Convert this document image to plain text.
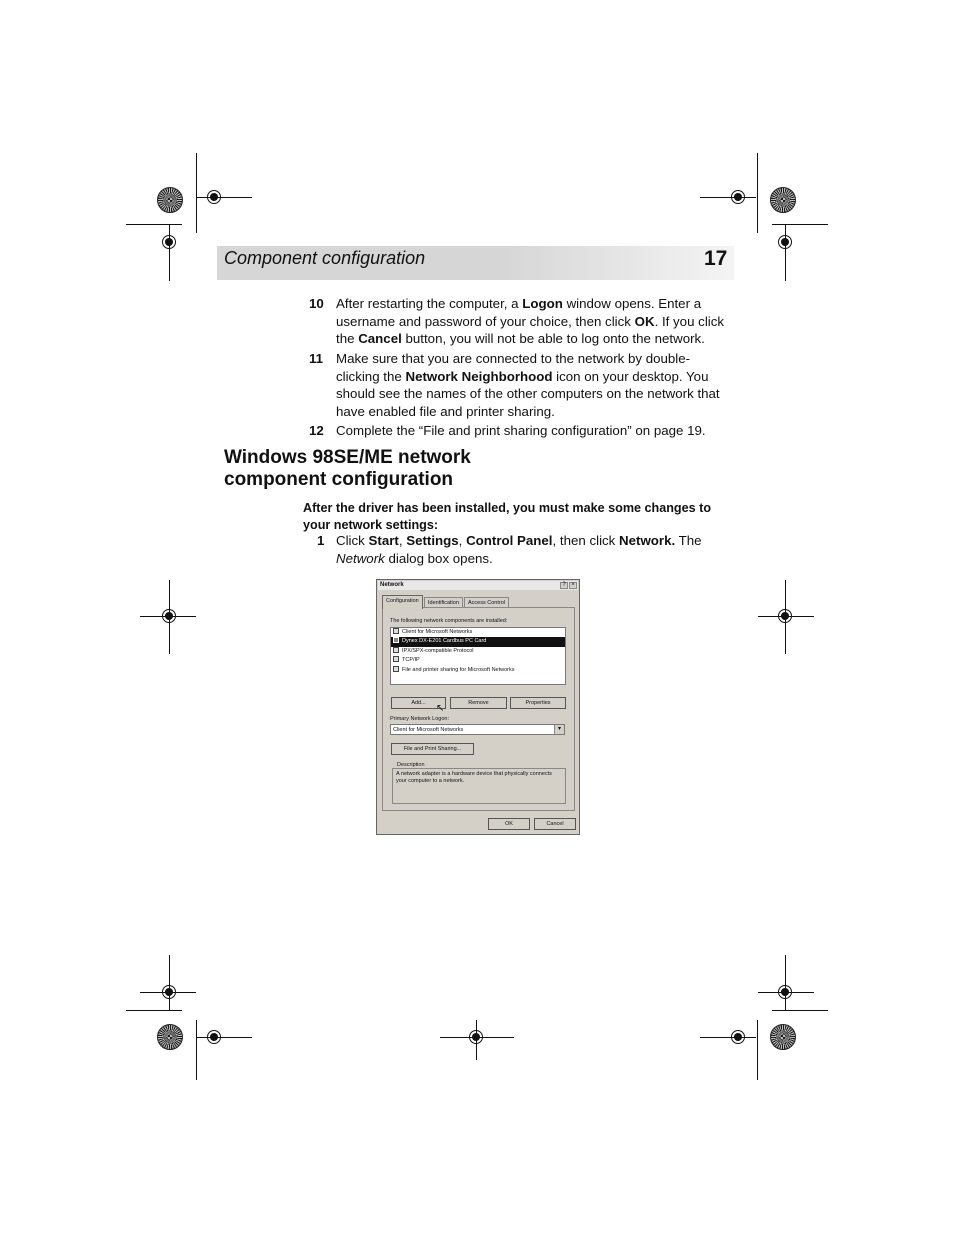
Component configuration	17
10 After restarting the computer, a Logon window opens. Enter a username and password of your choice, then click OK. If you click the Cancel button, you will not be able to log onto the network.
11 Make sure that you are connected to the network by double-clicking the Network Neighborhood icon on your desktop. You should see the names of the other computers on the network that have enabled file and printer sharing.
12 Complete the “File and print sharing configuration” on page 19.
Windows 98SE/ME network component configuration
After the driver has been installed, you must make some changes to your network settings:
1 Click Start, Settings, Control Panel, then click Network. The Network dialog box opens.
Network	? ×
Configuration	Identification	Access Control
The following network components are installed:
Client for Microsoft Networks
Dynex DX-E201 Cardbus PC Card
IPX/SPX-compatible Protocol
TCP/IP
File and printer sharing for Microsoft Networks
Add...	Remove	Properties
↖
Primary Network Logon:
Client for Microsoft Networks	▾
File and Print Sharing...
Description
A network adapter is a hardware device that physically connects your computer to a network.
OK	Cancel
